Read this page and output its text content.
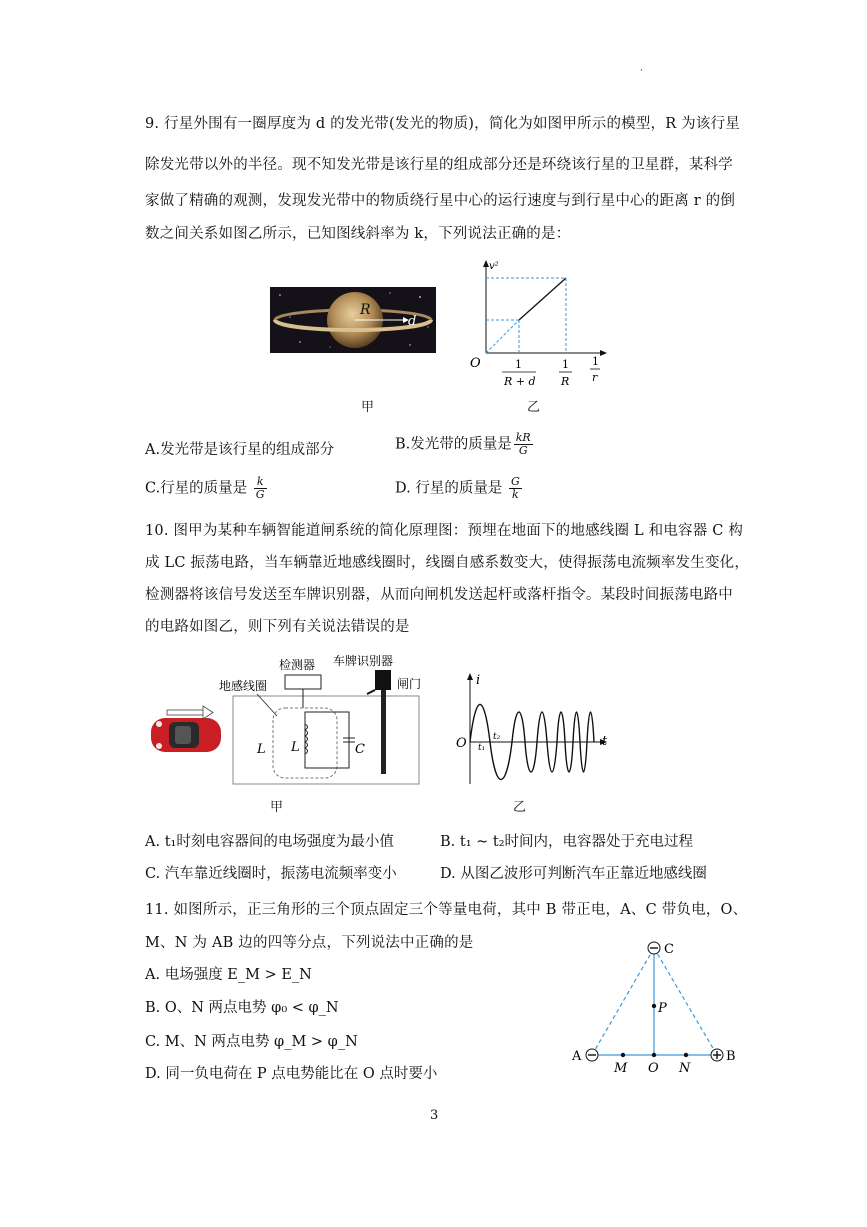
·
9. 行星外围有一圈厚度为 d 的发光带(发光的物质)，简化为如图甲所示的模型，R 为该行星
除发光带以外的半径。现不知发光带是该行星的组成部分还是环绕该行星的卫星群，某科学
家做了精确的观测，发现发光带中的物质绕行星中心的运行速度与到行星中心的距离 r 的倒
数之间关系如图乙所示，已知图线斜率为 k，下列说法正确的是：
R
d
v²
O	1
R + d
1
R
1
r
甲	乙
A.发光带是该行星的组成部分	B.发光带的质量是 $\frac{kR}{G}$
C.行星的质量是 $\frac{k}{G}$	D. 行星的质量是 $\frac{G}{k}$
10. 图甲为某种车辆智能道闸系统的简化原理图：预埋在地面下的地感线圈 L 和电容器 C 构
成 LC 振荡电路，当车辆靠近地感线圈时，线圈自感系数变大，使得振荡电流频率发生变化，
检测器将该信号发送至车牌识别器，从而向闸机发送起杆或落杆指令。某段时间振荡电路中
的电路如图乙，则下列有关说法错误的是
检测器 车牌识别器
闸门
地感线圈
L L	C
甲
i
t
O t₁
t₂
乙
A. t₁时刻电容器间的电场强度为最小值	B. t₁ ~ t₂时间内，电容器处于充电过程
C. 汽车靠近线圈时，振荡电流频率变小	D. 从图乙波形可判断汽车正靠近地感线圈
11. 如图所示，正三角形的三个顶点固定三个等量电荷，其中 B 带正电，A、C 带负电，O、
M、N 为 AB 边的四等分点，下列说法中正确的是
A. 电场强度 E_M > E_N
B. O、N 两点电势 φ₀ < φ_N
C. M、N 两点电势 φ_M > φ_N
D. 同一负电荷在 P 点电势能比在 O 点时要小
C
A	B
M O N
P
3
